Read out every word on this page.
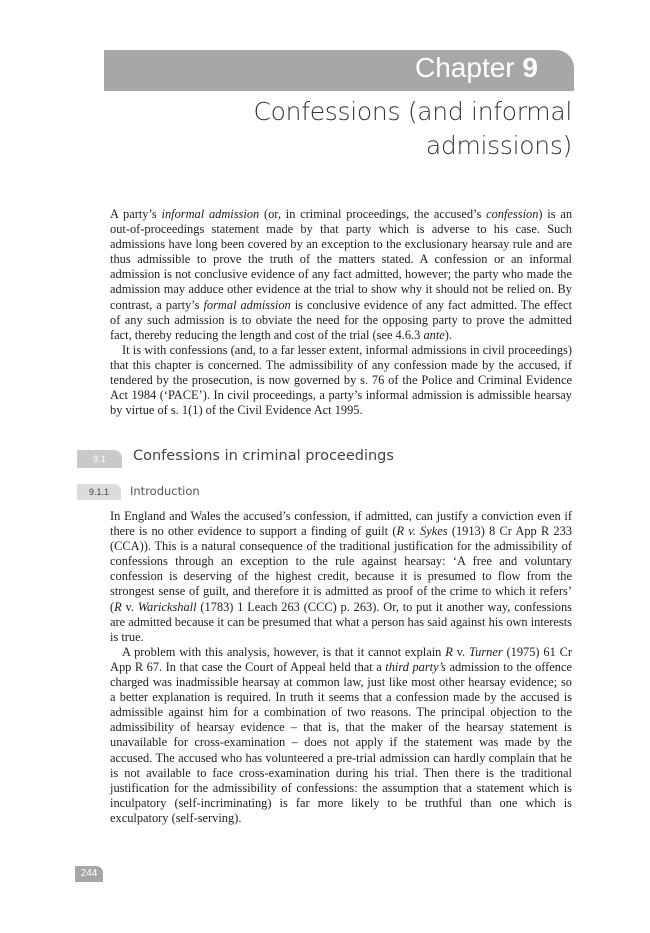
Chapter 9
Confessions (and informal admissions)

A party’s informal admission (or, in criminal proceedings, the accused’s confession) is an out-of-proceedings statement made by that party which is adverse to his case. Such admissions have long been covered by an exception to the exclusionary hearsay rule and are thus admissible to prove the truth of the matters stated. A confession or an informal admission is not conclusive evidence of any fact admitted, however; the party who made the admission may adduce other evidence at the trial to show why it should not be relied on. By contrast, a party’s formal admission is conclusive evidence of any fact admitted. The effect of any such admission is to obviate the need for the opposing party to prove the admitted fact, thereby reducing the length and cost of the trial (see 4.6.3 ante).

It is with confessions (and, to a far lesser extent, informal admissions in civil proceedings) that this chapter is concerned. The admissibility of any confession made by the accused, if tendered by the prosecution, is now governed by s. 76 of the Police and Criminal Evidence Act 1984 (‘PACE’). In civil proceedings, a party’s informal admission is admissible hearsay by virtue of s. 1(1) of the Civil Evidence Act 1995.

9.1	Confessions in criminal proceedings
9.1.1	Introduction

In England and Wales the accused’s confession, if admitted, can justify a conviction even if there is no other evidence to support a finding of guilt (R v. Sykes (1913) 8 Cr App R 233 (CCA)). This is a natural consequence of the traditional justification for the admissibility of confessions through an exception to the rule against hearsay: ‘A free and voluntary confession is deserving of the highest credit, because it is presumed to flow from the strongest sense of guilt, and therefore it is admitted as proof of the crime to which it refers’ (R v. Warickshall (1783) 1 Leach 263 (CCC) p. 263). Or, to put it another way, confessions are admitted because it can be presumed that what a person has said against his own interests is true.

A problem with this analysis, however, is that it cannot explain R v. Turner (1975) 61 Cr App R 67. In that case the Court of Appeal held that a third party’s admission to the offence charged was inadmissible hearsay at common law, just like most other hearsay evidence; so a better explanation is required. In truth it seems that a confession made by the accused is admissible against him for a combination of two reasons. The principal objection to the admissibility of hearsay evidence – that is, that the maker of the hearsay statement is unavailable for cross-examination – does not apply if the statement was made by the accused. The accused who has volunteered a pre-trial admission can hardly complain that he is not available to face cross-examination during his trial. Then there is the traditional justification for the admissibility of confessions: the assumption that a statement which is inculpatory (self-incriminating) is far more likely to be truthful than one which is exculpatory (self-serving).

244
